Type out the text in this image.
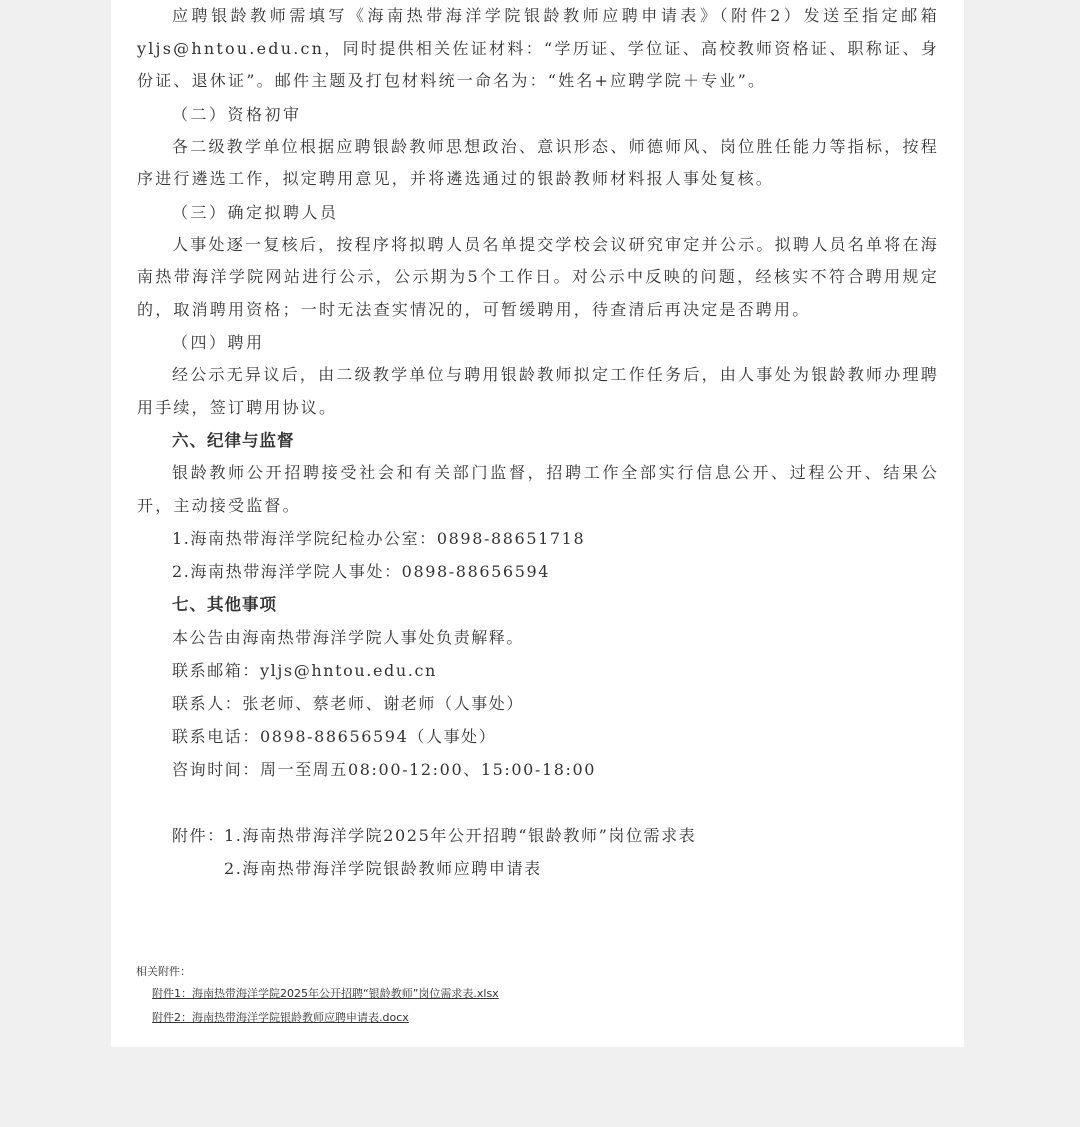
应聘银龄教师需填写《海南热带海洋学院银龄教师应聘申请表》（附件2）发送至指定邮箱yljs@hntou.edu.cn，同时提供相关佐证材料：“学历证、学位证、高校教师资格证、职称证、身份证、退休证”。邮件主题及打包材料统一命名为：“姓名+应聘学院＋专业”。

（二）资格初审

各二级教学单位根据应聘银龄教师思想政治、意识形态、师德师风、岗位胜任能力等指标，按程序进行遴选工作，拟定聘用意见，并将遴选通过的银龄教师材料报人事处复核。

（三）确定拟聘人员

人事处逐一复核后，按程序将拟聘人员名单提交学校会议研究审定并公示。拟聘人员名单将在海南热带海洋学院网站进行公示，公示期为5个工作日。对公示中反映的问题，经核实不符合聘用规定的，取消聘用资格；一时无法查实情况的，可暂缓聘用，待查清后再决定是否聘用。

（四）聘用

经公示无异议后，由二级教学单位与聘用银龄教师拟定工作任务后，由人事处为银龄教师办理聘用手续，签订聘用协议。

六、纪律与监督

银龄教师公开招聘接受社会和有关部门监督，招聘工作全部实行信息公开、过程公开、结果公开，主动接受监督。

1.海南热带海洋学院纪检办公室：0898-88651718

2.海南热带海洋学院人事处：0898-88656594

七、其他事项

本公告由海南热带海洋学院人事处负责解释。

联系邮箱：yljs@hntou.edu.cn

联系人：张老师、蔡老师、谢老师（人事处）

联系电话：0898-88656594（人事处）

咨询时间：周一至周五08:00-12:00、15:00-18:00

附件： 1.海南热带海洋学院2025年公开招聘“银龄教师”岗位需求表
2.海南热带海洋学院银龄教师应聘申请表
相关附件：
附件1：海南热带海洋学院2025年公开招聘“银龄教师”岗位需求表.xlsx
附件2：海南热带海洋学院银龄教师应聘申请表.docx
